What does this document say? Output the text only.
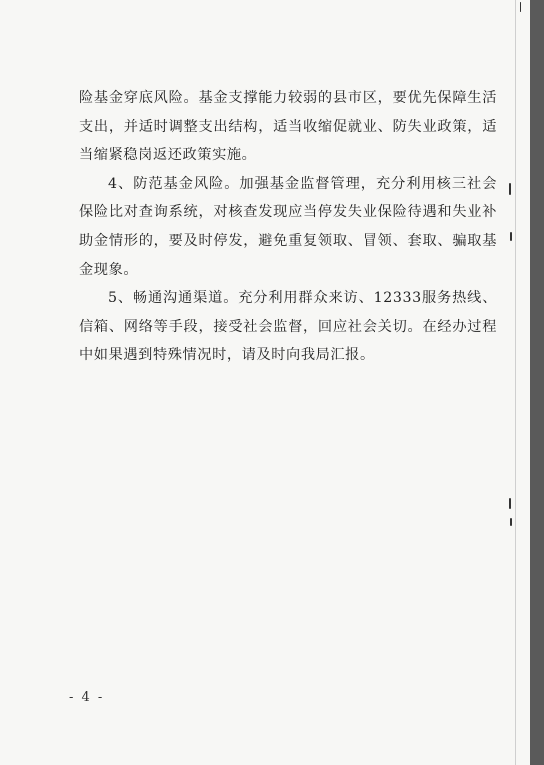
险基金穿底风险。基金支撑能力较弱的县市区，要优先保障生活支出，并适时调整支出结构，适当收缩促就业、防失业政策，适当缩紧稳岗返还政策实施。

4、防范基金风险。加强基金监督管理，充分利用核三社会保险比对查询系统，对核查发现应当停发失业保险待遇和失业补助金情形的，要及时停发，避免重复领取、冒领、套取、骗取基金现象。

5、畅通沟通渠道。充分利用群众来访、12333服务热线、信箱、网络等手段，接受社会监督，回应社会关切。在经办过程中如果遇到特殊情况时，请及时向我局汇报。

- 4 -
